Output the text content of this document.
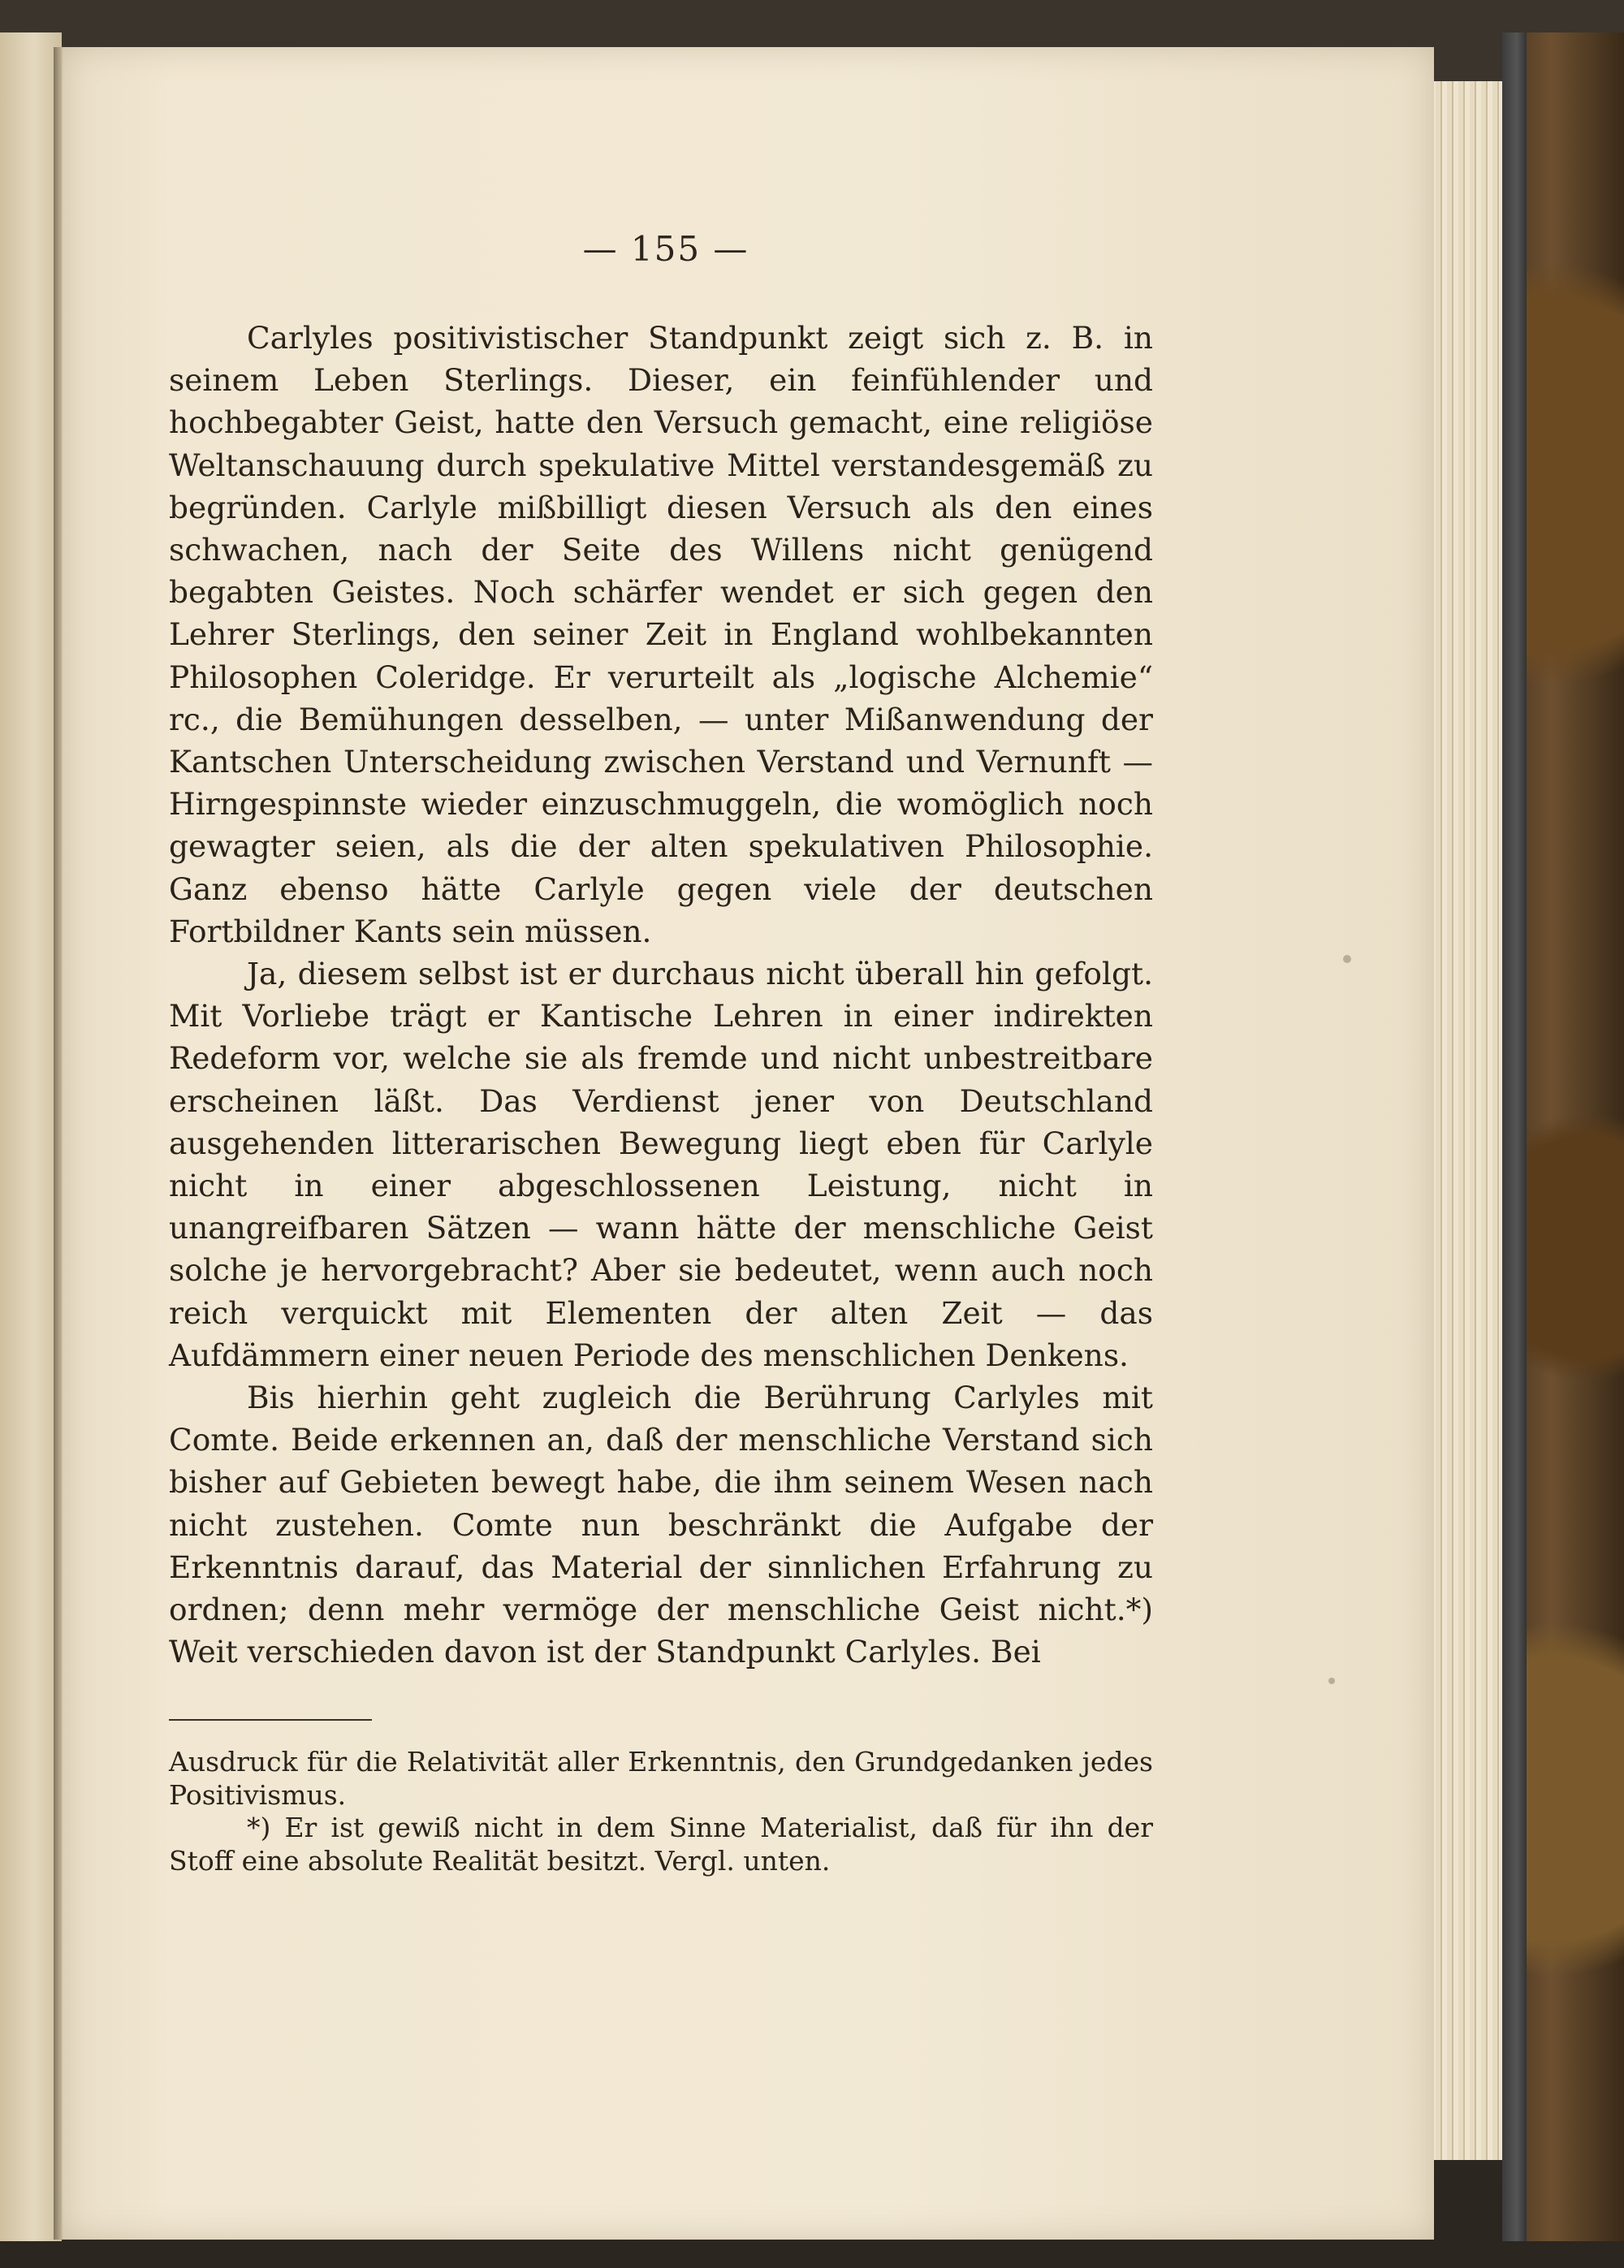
— 155 —

Carlyles positivistischer Standpunkt zeigt sich z. B. in seinem Leben Sterlings. Dieser, ein feinfühlender und hochbegabter Geist, hatte den Versuch gemacht, eine religiöse Weltanschauung durch spekulative Mittel verstandesgemäß zu begründen. Carlyle mißbilligt diesen Versuch als den eines schwachen, nach der Seite des Willens nicht genügend begabten Geistes. Noch schärfer wendet er sich gegen den Lehrer Sterlings, den seiner Zeit in England wohlbekannten Philosophen Coleridge. Er verurteilt als „logische Alchemie“ rc., die Bemühungen desselben, — unter Mißanwendung der Kantschen Unterscheidung zwischen Verstand und Vernunft — Hirngespinnste wieder einzuschmuggeln, die womöglich noch gewagter seien, als die der alten spekulativen Philosophie. Ganz ebenso hätte Carlyle gegen viele der deutschen Fortbildner Kants sein müssen.

Ja, diesem selbst ist er durchaus nicht überall hin gefolgt. Mit Vorliebe trägt er Kantische Lehren in einer indirekten Redeform vor, welche sie als fremde und nicht unbestreitbare erscheinen läßt. Das Verdienst jener von Deutschland ausgehenden litterarischen Bewegung liegt eben für Carlyle nicht in einer abgeschlossenen Leistung, nicht in unangreifbaren Sätzen — wann hätte der menschliche Geist solche je hervorgebracht? Aber sie bedeutet, wenn auch noch reich verquickt mit Elementen der alten Zeit — das Aufdämmern einer neuen Periode des menschlichen Denkens.

Bis hierhin geht zugleich die Berührung Carlyles mit Comte. Beide erkennen an, daß der menschliche Verstand sich bisher auf Gebieten bewegt habe, die ihm seinem Wesen nach nicht zustehen. Comte nun beschränkt die Aufgabe der Erkenntnis darauf, das Material der sinnlichen Erfahrung zu ordnen; denn mehr vermöge der menschliche Geist nicht.*) Weit verschieden davon ist der Standpunkt Carlyles. Bei

Ausdruck für die Relativität aller Erkenntnis, den Grundgedanken jedes Positivismus.

*) Er ist gewiß nicht in dem Sinne Materialist, daß für ihn der Stoff eine absolute Realität besitzt. Vergl. unten.
